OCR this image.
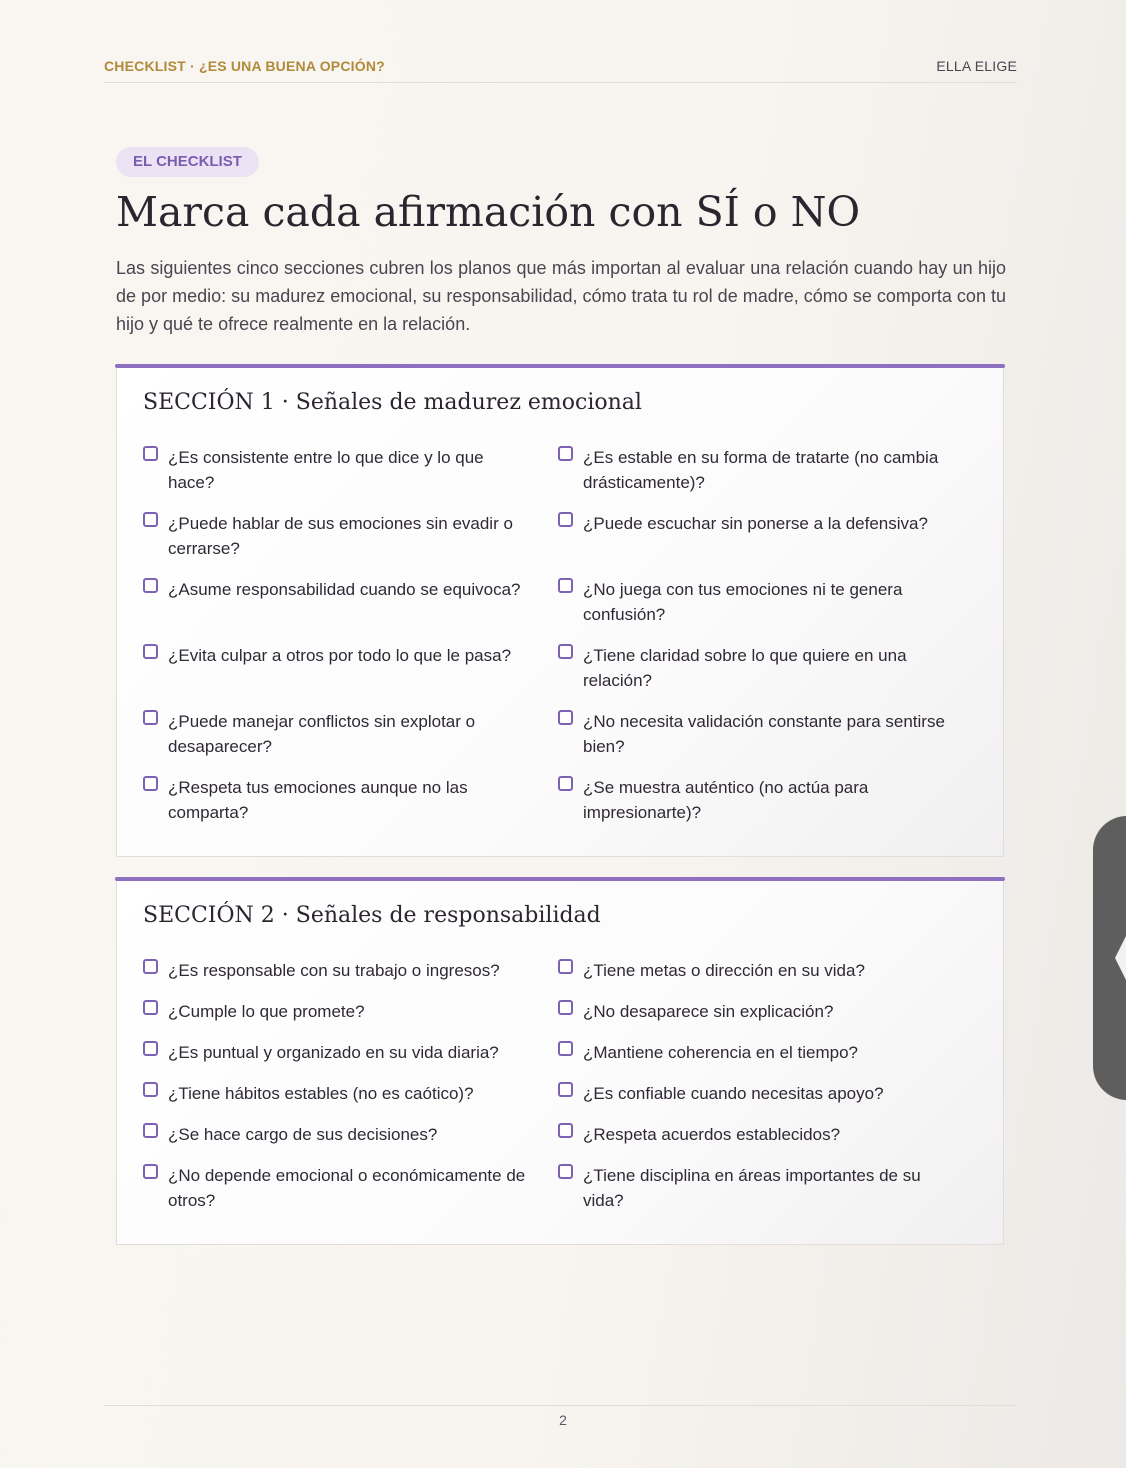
CHECKLIST · ¿ES UNA BUENA OPCIÓN?	ELLA ELIGE
EL CHECKLIST
Marca cada afirmación con SÍ o NO

Las siguientes cinco secciones cubren los planos que más importan al evaluar una relación cuando hay un hijo de por medio: su madurez emocional, su responsabilidad, cómo trata tu rol de madre, cómo se comporta con tu hijo y qué te ofrece realmente en la relación.

SECCIÓN 1 · Señales de madurez emocional
¿Es consistente entre lo que dice y lo que hace?
¿Es estable en su forma de tratarte (no cambia drásticamente)?
¿Puede hablar de sus emociones sin evadir o cerrarse?
¿Puede escuchar sin ponerse a la defensiva?
¿Asume responsabilidad cuando se equivoca?	¿No juega con tus emociones ni te genera confusión?
¿Evita culpar a otros por todo lo que le pasa?	¿Tiene claridad sobre lo que quiere en una relación?
¿Puede manejar conflictos sin explotar o desaparecer?
¿No necesita validación constante para sentirse bien?
¿Respeta tus emociones aunque no las comparta?
¿Se muestra auténtico (no actúa para impresionarte)?
SECCIÓN 2 · Señales de responsabilidad
¿Es responsable con su trabajo o ingresos?	¿Tiene metas o dirección en su vida?
¿Cumple lo que promete?	¿No desaparece sin explicación?
¿Es puntual y organizado en su vida diaria?	¿Mantiene coherencia en el tiempo?
¿Tiene hábitos estables (no es caótico)?	¿Es confiable cuando necesitas apoyo?
¿Se hace cargo de sus decisiones?	¿Respeta acuerdos establecidos?
¿No depende emocional o económicamente de otros?
¿Tiene disciplina en áreas importantes de su vida?
2
